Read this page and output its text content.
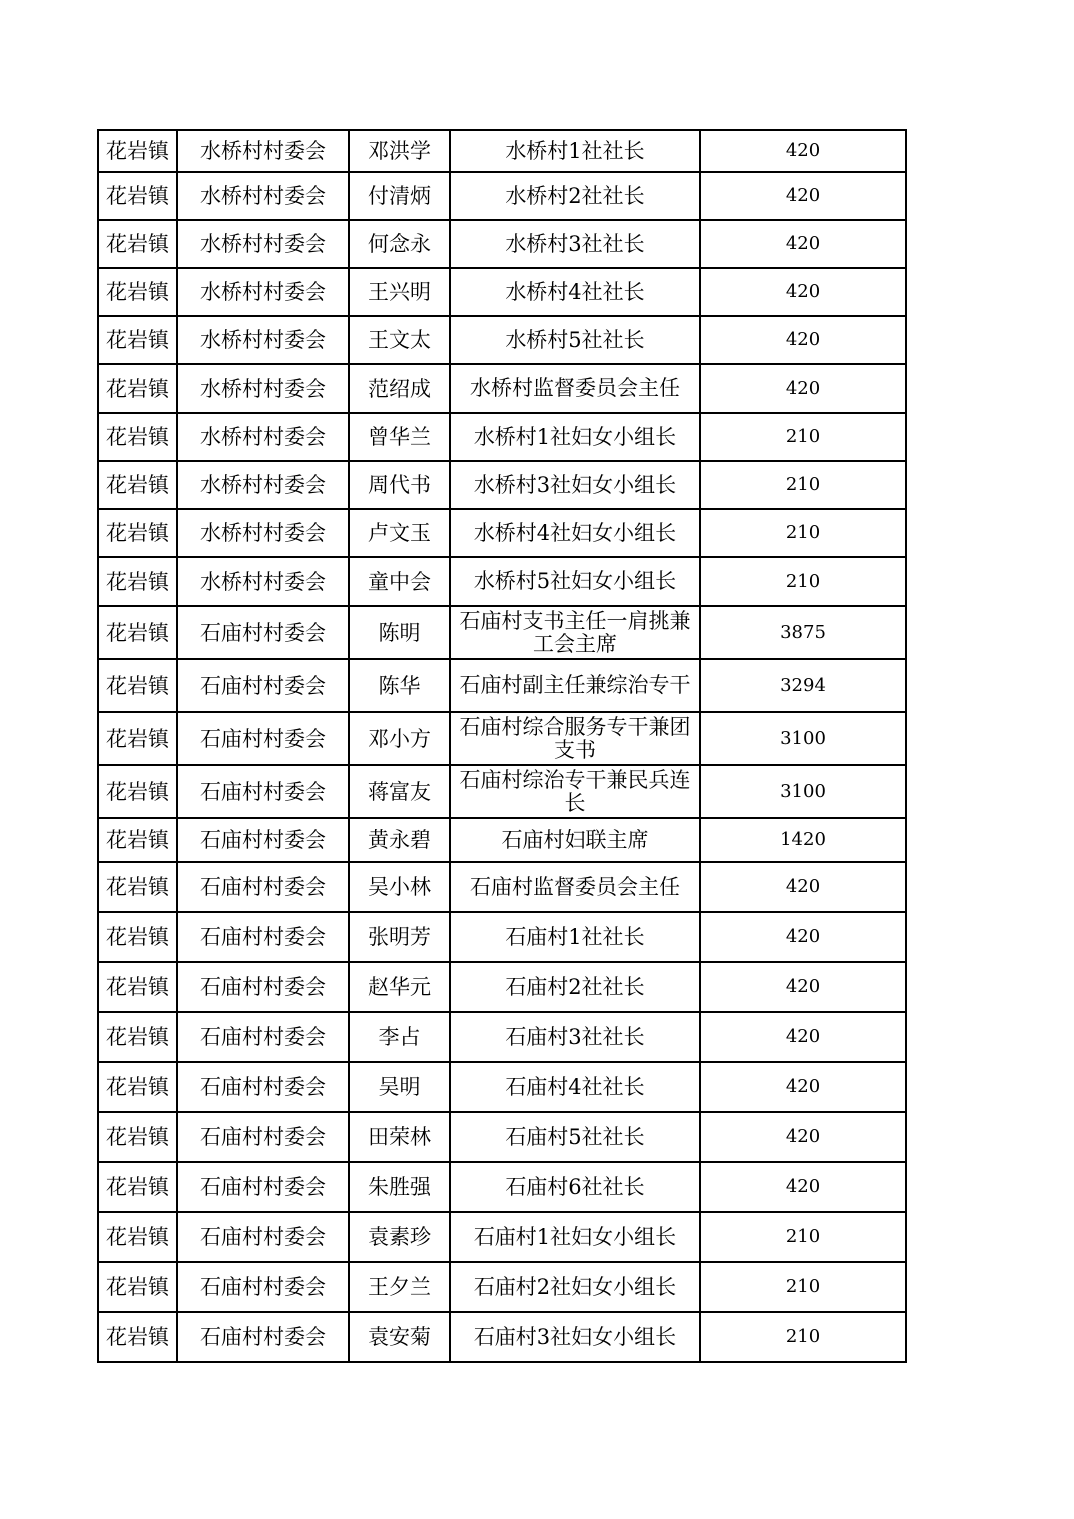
花岩镇	水桥村村委会	邓洪学	水桥村1社社长	420
花岩镇	水桥村村委会	付清炳	水桥村2社社长	420
花岩镇	水桥村村委会	何念永	水桥村3社社长	420
花岩镇	水桥村村委会	王兴明	水桥村4社社长	420
花岩镇	水桥村村委会	王文太	水桥村5社社长	420
花岩镇	水桥村村委会	范绍成	水桥村监督委员会主任	420
花岩镇	水桥村村委会	曾华兰	水桥村1社妇女小组长	210
花岩镇	水桥村村委会	周代书	水桥村3社妇女小组长	210
花岩镇	水桥村村委会	卢文玉	水桥村4社妇女小组长	210
花岩镇	水桥村村委会	童中会	水桥村5社妇女小组长	210
花岩镇	石庙村村委会	陈明	石庙村支书主任一肩挑兼工会主席	3875
花岩镇	石庙村村委会	陈华	石庙村副主任兼综治专干	3294
花岩镇	石庙村村委会	邓小方	石庙村综合服务专干兼团支书	3100
花岩镇	石庙村村委会	蒋富友	石庙村综治专干兼民兵连长	3100
花岩镇	石庙村村委会	黄永碧	石庙村妇联主席	1420
花岩镇	石庙村村委会	吴小林	石庙村监督委员会主任	420
花岩镇	石庙村村委会	张明芳	石庙村1社社长	420
花岩镇	石庙村村委会	赵华元	石庙村2社社长	420
花岩镇	石庙村村委会	李占	石庙村3社社长	420
花岩镇	石庙村村委会	吴明	石庙村4社社长	420
花岩镇	石庙村村委会	田荣林	石庙村5社社长	420
花岩镇	石庙村村委会	朱胜强	石庙村6社社长	420
花岩镇	石庙村村委会	袁素珍	石庙村1社妇女小组长	210
花岩镇	石庙村村委会	王夕兰	石庙村2社妇女小组长	210
花岩镇	石庙村村委会	袁安菊	石庙村3社妇女小组长	210
